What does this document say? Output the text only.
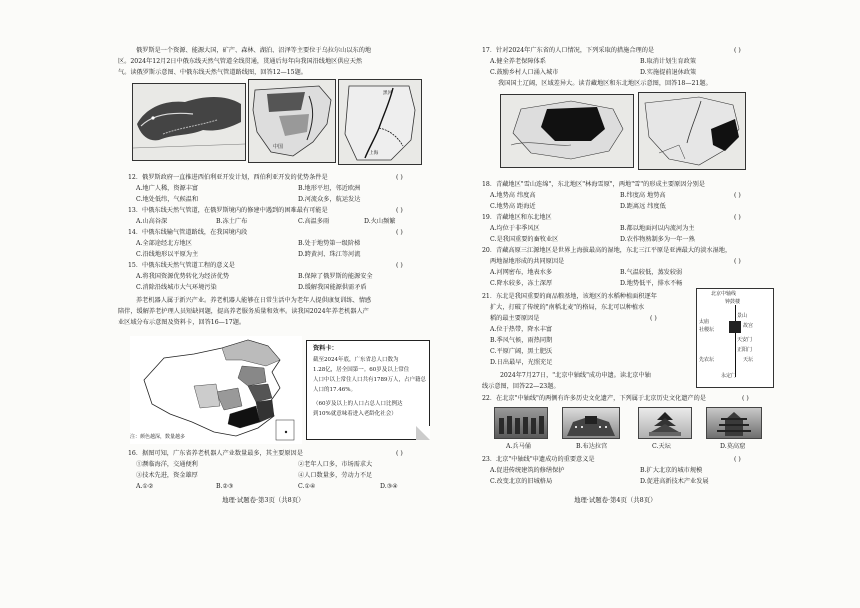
俄罗斯是一个资源、能源大国，矿产、森林、湖泊、沼泽等主要位于乌拉尔山以东的地
区。2024年12月2日中俄东线天然气管道全线贯通，贯通后每年向我国沿线地区供应天然
气。读俄罗斯示意图、中俄东线天然气管道路线图，回答12—15题。
中国
黑河
上海
12．俄罗斯政府一直推进西伯利亚开发计划，西伯利亚开发的优势条件是	( )
A.地广人稀，资源丰富	B.地形平坦，邻近欧洲
C.地处低纬，气候温和	D.河流众多，航运发达
13．中俄东线天然气管道，在俄罗斯境内的修建中遇到的困难最有可能是	( )
A.山高谷深	B.冻土广布	C.高温多雨	D.火山频繁
14．中俄东线输气管道路线，在我国境内段	( )
A.全部途经北方地区	B.处于地势第一级阶梯
C.沿线地形以平原为主	D.跨黄河、珠江等河流
15．中俄东线天然气管道工程的意义是	( )
A.将我国资源优势转化为经济优势	B.保障了俄罗斯的能源安全
C.消除沿线城市大气环境污染	D.缓解我国能源供需矛盾
养老机器人属于新兴产业。养老机器人能够在日常生活中为老年人提供康复训练、情感
陪伴，缓解养老护理人员短缺问题，提高养老服务质量和效率。读我国2024年养老机器人产
业区域分布示意图及资料卡，回答16—17题。
注：颜色越深，数量越多
资料卡：
截至2024年底，广东省总人口数为
1.28亿，居全国第一。60岁及以上常住
人口中以上常住人口共有1789万人，占户籍总
人口的17.46%。
（60岁及以上的人口占总人口比例达
到10%就意味着进入老龄化社会）
16．据图可知，广东省养老机器人产业数量最多，其主要原因是	( )
①濒临海洋，交通便利	②老年人口多，市场需求大
③技术先进，资金雄厚	④人口数量多，劳动力不足
A.①②	B.②③	C.①④	D.③④
地理·试题卷·第3页（共8页）
17．针对2024年广东省的人口情况，下列采取的措施合理的是	( )
A.健全养老保障体系	B.取消计划生育政策
C.鼓励乡村人口涌入城市	D.实施提前退休政策
我国国土辽阔，区域差异大。读青藏地区和东北地区示意图，回答18—21题。
18．青藏地区"雪山连绵"，东北地区"林海雪原"，两地"雪"的形成主要原因分别是
( )
A.地势高 纬度高	B.纬度高 地势高
C.地势高 距海近	D.距离远 纬度低
19．青藏地区和东北地区	( )
A.均位于非季风区	B.都以地面河以内流河为主
C.是我国重要的畜牧业区	D.农作物熟制多为一年一熟
20．青藏高原三江源地区是世界上海拔最高的湿地，东北三江平原是亚洲最大的淡水湿地，
两地湿地形成的共同原因是	( )
A.河网密布，地表水多	B.气温较低，蒸发较弱
C.降水较多，冻土深厚	D.地势低平，排水不畅
21．东北是我国重要的商品粮基地，该地区的水稻种植面积逐年
扩大，打破了传统的"南稻北麦"的格局，东北可以种植水
稻的最主要原因是	( )
A.位于热带，降水丰富
B.季风气候，雨热同期
C.平原广阔，黑土肥沃
D.日出最早，光照充足
北京中轴线
钟鼓楼
景山
故宫
太庙
社稷坛
天安门
正阳门
天坛
先农坛
永定门
2024年7月27日，"北京中轴线"成功申遗。读北京中轴
线示意图，回答22—23题。
22．在北京"中轴线"的两侧有许多历史文化遗产，下列属于北京历史文化遗产的是	( )
A.兵马俑	B.布达拉宫	C.天坛	D.莫高窟
23．北京"中轴线"申遗成功的重要意义是	( )
A.促进传统建筑的修缮保护	B.扩大北京的城市规模
C.改变北京的旧城格局	D.促进高新技术产业发展
地理·试题卷·第4页（共8页）
